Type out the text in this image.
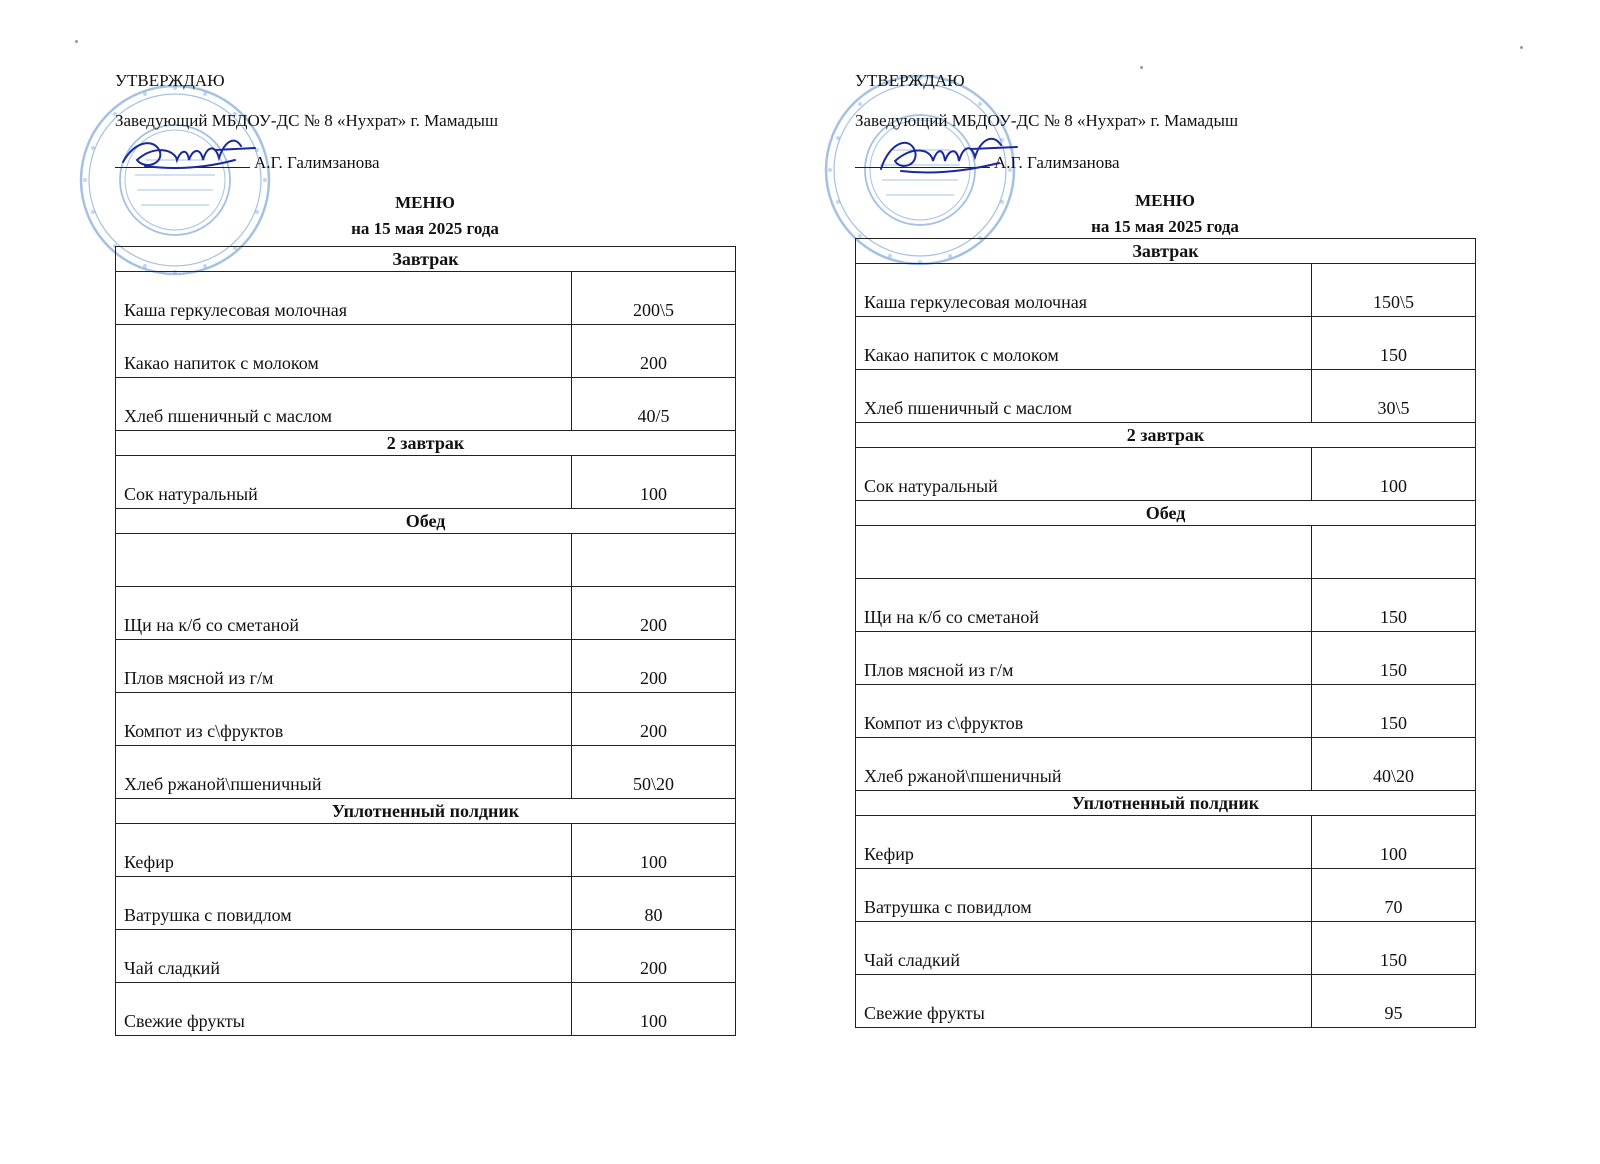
УТВЕРЖДАЮ
Заведующий МБДОУ-ДС № 8 «Нухрат» г. Мамадыш
А.Г. Галимзанова
МЕНЮ
на 15 мая 2025 года
Завтрак	
Каша геркулесовая молочная	200\5
Какао напиток с молоком	200
Хлеб пшеничный с маслом	40/5
2 завтрак	
Сок натуральный	100
Обед	

Щи на к/б со сметаной	200
Плов мясной из г/м	200
Компот из с\фруктов	200
Хлеб ржаной\пшеничный	50\20
Уплотненный полдник	
Кефир	100
Ватрушка с повидлом	80
Чай сладкий	200
Свежие фрукты	100
УТВЕРЖДАЮ
Заведующий МБДОУ-ДС № 8 «Нухрат» г. Мамадыш
А.Г. Галимзанова
МЕНЮ
на 15 мая 2025 года
Завтрак	
Каша геркулесовая молочная	150\5
Какао напиток с молоком	150
Хлеб пшеничный с маслом	30\5
2 завтрак	
Сок натуральный	100
Обед	

Щи на к/б со сметаной	150
Плов мясной из г/м	150
Компот из с\фруктов	150
Хлеб ржаной\пшеничный	40\20
Уплотненный полдник	
Кефир	100
Ватрушка с повидлом	70
Чай сладкий	150
Свежие фрукты	95
